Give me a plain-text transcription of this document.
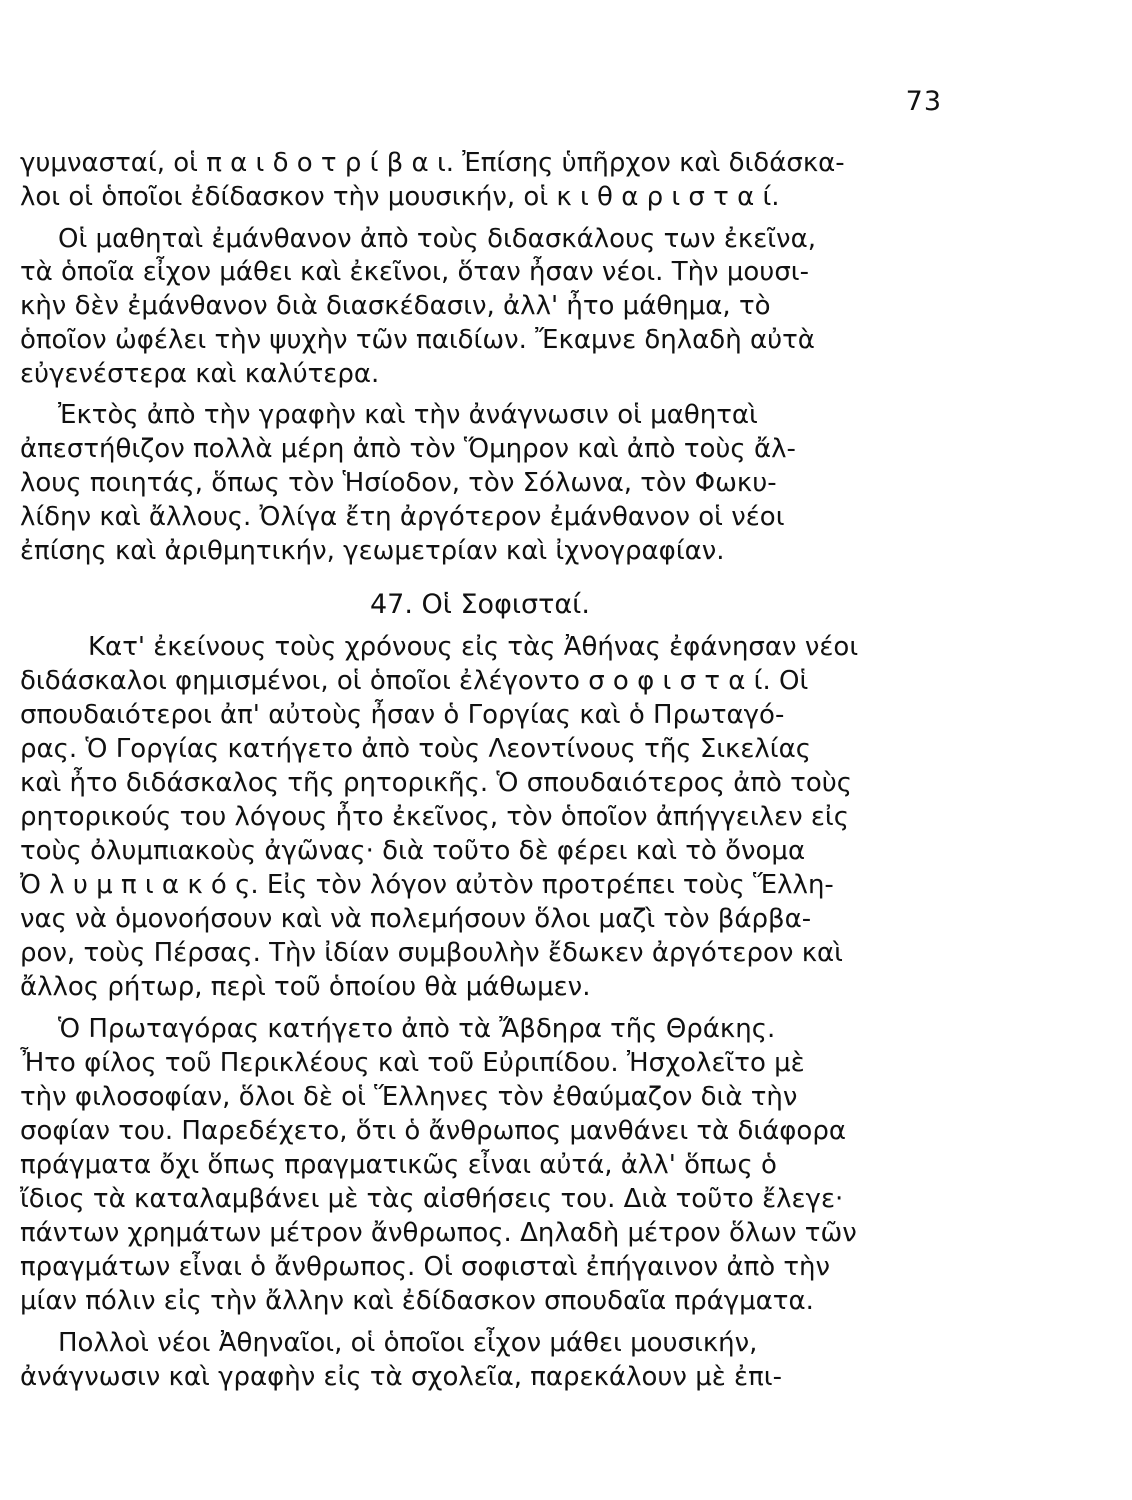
73
γυμνασταί, οἱ π α ι δ ο τ ρ ί β α ι. Ἐπίσης ὑπῆρχον καὶ διδάσκα-
λοι οἱ ὁποῖοι ἐδίδασκον τὴν μουσικήν, οἱ κ ι θ α ρ ι σ τ α ί.
Οἱ μαθηταὶ ἐμάνθανον ἀπὸ τοὺς διδασκάλους των ἐκεῖνα,
τὰ ὁποῖα εἶχον μάθει καὶ ἐκεῖνοι, ὅταν ἦσαν νέοι. Τὴν μουσι-
κὴν δὲν ἐμάνθανον διὰ διασκέδασιν, ἀλλ' ἦτο μάθημα, τὸ
ὁποῖον ὠφέλει τὴν ψυχὴν τῶν παιδίων. Ἔκαμνε δηλαδὴ αὐτὰ
εὐγενέστερα καὶ καλύτερα.
Ἐκτὸς ἀπὸ τὴν γραφὴν καὶ τὴν ἀνάγνωσιν οἱ μαθηταὶ
ἀπεστήθιζον πολλὰ μέρη ἀπὸ τὸν Ὅμηρον καὶ ἀπὸ τοὺς ἄλ-
λους ποιητάς, ὅπως τὸν Ἡσίοδον, τὸν Σόλωνα, τὸν Φωκυ-
λίδην καὶ ἄλλους. Ὀλίγα ἔτη ἀργότερον ἐμάνθανον οἱ νέοι
ἐπίσης καὶ ἀριθμητικήν, γεωμετρίαν καὶ ἰχνογραφίαν.
47. Οἱ Σοφισταί.
Κατ' ἐκείνους τοὺς χρόνους εἰς τὰς Ἀθήνας ἐφάνησαν νέοι
διδάσκαλοι φημισμένοι, οἱ ὁποῖοι ἐλέγοντο σ ο φ ι σ τ α ί. Οἱ
σπουδαιότεροι ἀπ' αὐτοὺς ἦσαν ὁ Γοργίας καὶ ὁ Πρωταγό-
ρας. Ὁ Γοργίας κατήγετο ἀπὸ τοὺς Λεοντίνους τῆς Σικελίας
καὶ ἦτο διδάσκαλος τῆς ρητορικῆς. Ὁ σπουδαιότερος ἀπὸ τοὺς
ρητορικούς του λόγους ἦτο ἐκεῖνος, τὸν ὁποῖον ἀπήγγειλεν εἰς
τοὺς ὀλυμπιακοὺς ἀγῶνας· διὰ τοῦτο δὲ φέρει καὶ τὸ ὄνομα
Ὀ λ υ μ π ι α κ ό ς. Εἰς τὸν λόγον αὐτὸν προτρέπει τοὺς Ἕλλη-
νας νὰ ὁμονοήσουν καὶ νὰ πολεμήσουν ὅλοι μαζὶ τὸν βάρβα-
ρον, τοὺς Πέρσας. Τὴν ἰδίαν συμβουλὴν ἔδωκεν ἀργότερον καὶ
ἄλλος ρήτωρ, περὶ τοῦ ὁποίου θὰ μάθωμεν.
Ὁ Πρωταγόρας κατήγετο ἀπὸ τὰ Ἄβδηρα τῆς Θράκης.
Ἦτο φίλος τοῦ Περικλέους καὶ τοῦ Εὐριπίδου. Ἠσχολεῖτο μὲ
τὴν φιλοσοφίαν, ὅλοι δὲ οἱ Ἕλληνες τὸν ἐθαύμαζον διὰ τὴν
σοφίαν του. Παρεδέχετο, ὅτι ὁ ἄνθρωπος μανθάνει τὰ διάφορα
πράγματα ὄχι ὅπως πραγματικῶς εἶναι αὐτά, ἀλλ' ὅπως ὁ
ἴδιος τὰ καταλαμβάνει μὲ τὰς αἰσθήσεις του. Διὰ τοῦτο ἔλεγε·
πάντων χρημάτων μέτρον ἄνθρωπος. Δηλαδὴ μέτρον ὅλων τῶν
πραγμάτων εἶναι ὁ ἄνθρωπος. Οἱ σοφισταὶ ἐπήγαινον ἀπὸ τὴν
μίαν πόλιν εἰς τὴν ἄλλην καὶ ἐδίδασκον σπουδαῖα πράγματα.
Πολλοὶ νέοι Ἀθηναῖοι, οἱ ὁποῖοι εἶχον μάθει μουσικήν,
ἀνάγνωσιν καὶ γραφὴν εἰς τὰ σχολεῖα, παρεκάλουν μὲ ἐπι-
